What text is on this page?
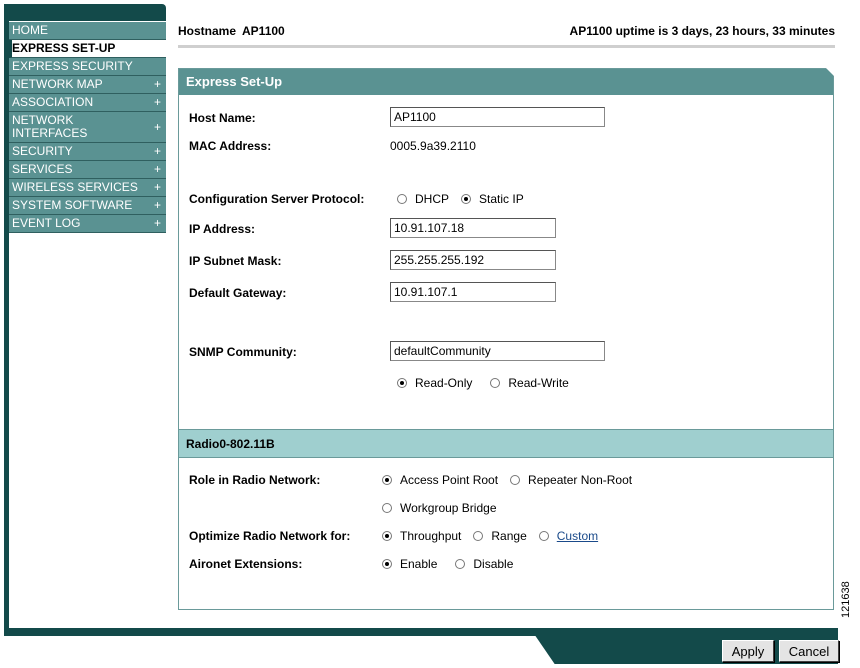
HOME
EXPRESS SET-UP
EXPRESS SECURITY
NETWORK MAP	+
ASSOCIATION	+
NETWORK INTERFACES	+
SECURITY	+
SERVICES	+
WIRELESS SERVICES +
SYSTEM SOFTWARE +
EVENT LOG	+
Hostname AP1100	AP1100 uptime is 3 days, 23 hours, 33 minutes
Express Set-Up
Host Name:
AP1100
MAC Address:	0005.9a39.2110
Configuration Server Protocol:	DHCP	Static IP
IP Address:
10.91.107.18
IP Subnet Mask:
255.255.255.192
Default Gateway:
10.91.107.1
SNMP Community:
defaultCommunity
Read-Only	Read-Write
Radio0-802.11B
Role in Radio Network:	Access Point Root	Repeater Non-Root
Workgroup Bridge
Optimize Radio Network for:	Throughput	Range	Custom
Aironet Extensions:	Enable	Disable
Apply	Cancel
121638
